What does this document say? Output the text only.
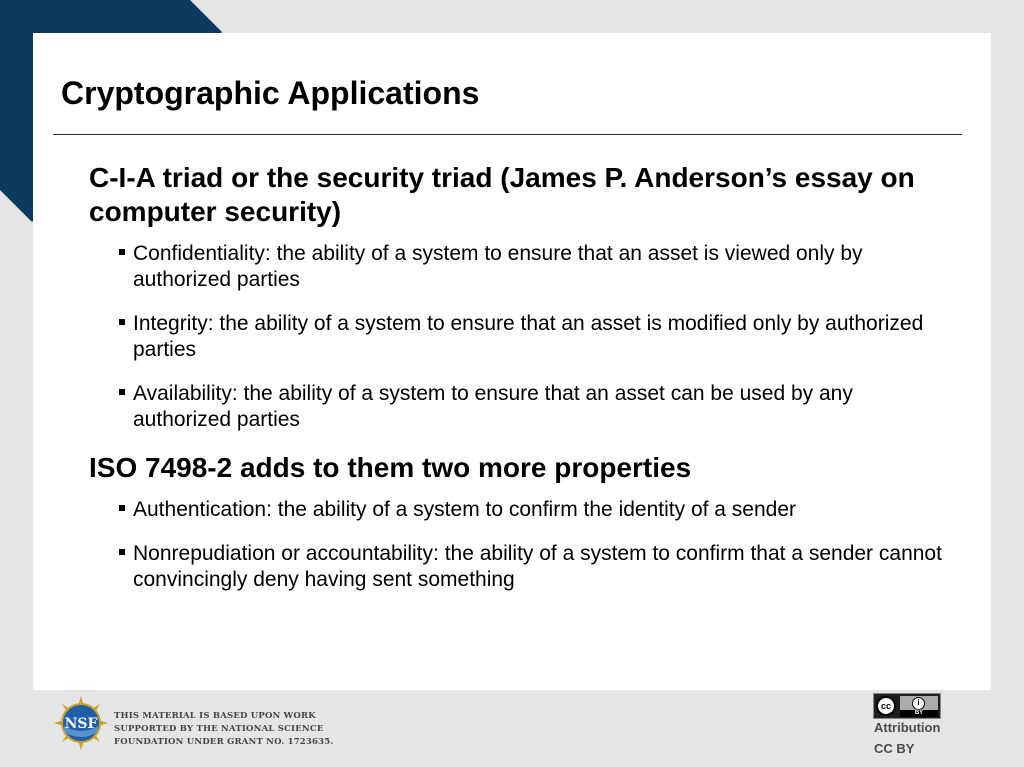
Cryptographic Applications
C-I-A triad or the security triad (James P. Anderson’s essay on computer security)
Confidentiality: the ability of a system to ensure that an asset is viewed only by authorized parties
Integrity: the ability of a system to ensure that an asset is modified only by authorized parties
Availability: the ability of a system to ensure that an asset can be used by any authorized parties
ISO 7498-2 adds to them two more properties
Authentication: the ability of a system to confirm the identity of a sender
Nonrepudiation or accountability: the ability of a system to confirm that a sender cannot convincingly deny having sent something
NSF THIS MATERIAL IS BASED UPON WORK
SUPPORTED BY THE NATIONAL SCIENCE
FOUNDATION UNDER GRANT NO. 1723635.
cc	i
BY
Attribution
CC BY
